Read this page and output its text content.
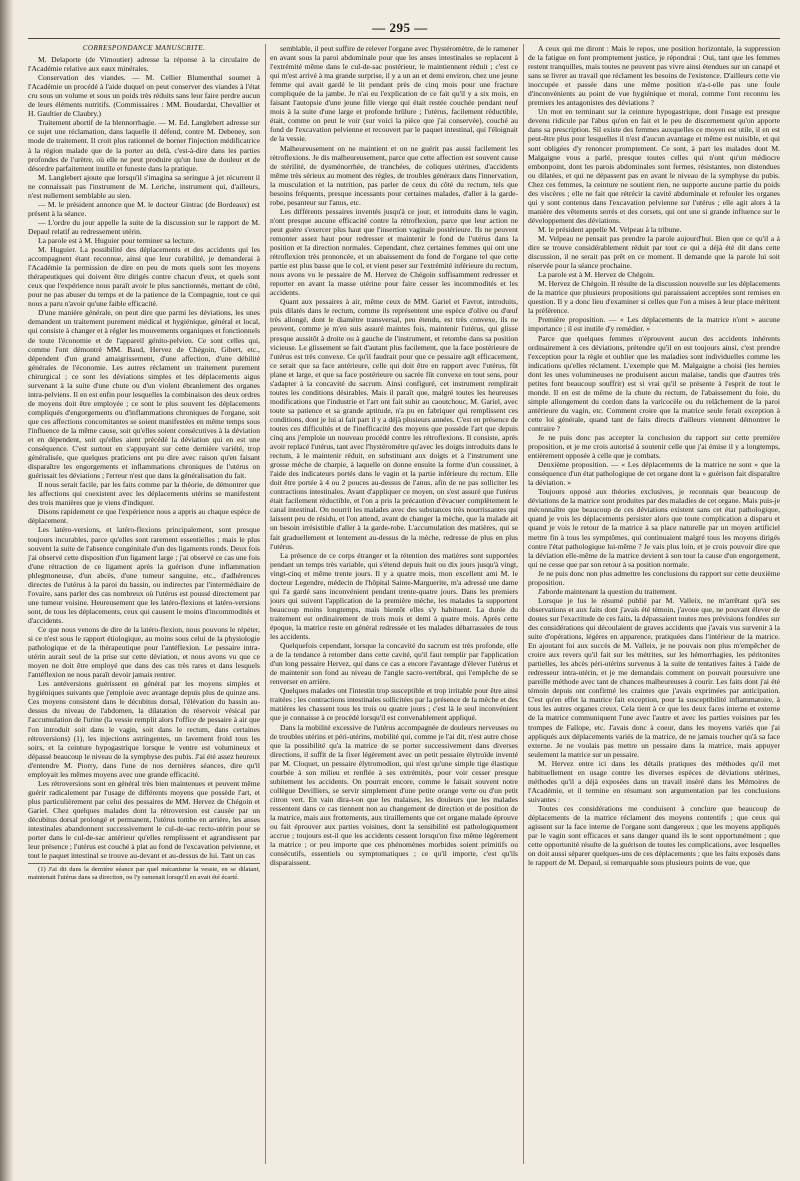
— 295 —

CORRESPONDANCE MANUSCRITE.

M. Delaporte (de Vimoutier) adresse la réponse à la circulaire de l'Académie relative aux eaux minérales.

Conservation des viandes. — M. Cellier Blumenthal soumet à l'Académie un procédé à l'aide duquel on peut conserver des viandes à l'état cru sous un volume et sous un poids très réduits sans leur faire perdre aucun de leurs éléments nutritifs. (Commissaires : MM. Boudardat, Chevallier et H. Gaultier de Claubry.)

Traitement abortif de la blennorrhagie. — M. Ed. Langlebert adresse sur ce sujet une réclamation, dans laquelle il défend, contre M. Debeney, son mode de traitement. Il croit plus rationnel de borner l'injection médificatrice à la région malade que de la porter au delà, c'est-à-dire dans les parties profondes de l'urètre, où elle ne peut produire qu'un luxe de douleur et de désordre parfaitement inutile et funeste dans la pratique.

M. Langlebert ajoute que lorsqu'il s'imagina sa seringue à jet récurrent il ne connaissait pas l'instrument de M. Leriche, instrument qui, d'ailleurs, n'est nullement semblable au sien.

— M. le président annonce que M. le docteur Gintrac (de Bordeaux) est présent à la séance.

— L'ordre du jour appelle la suite de la discussion sur le rapport de M. Depaul relatif au redressement utérin.

La parole est à M. Huguier pour terminer sa lecture.

M. Huguier. La possibilité des déplacements et des accidents qui les accompagnent étant reconnue, ainsi que leur curabilité, je demanderai à l'Académie la permission de dire en peu de mots quels sont les moyens thérapeutiques qui doivent être dirigés contre chacun d'eux, et quels sont ceux que l'expérience nous paraît avoir le plus sanctionnés, mettant de côté, pour ne pas abuser du temps et de la patience de la Compagnie, tout ce qui nous a paru n'avoir qu'une faible efficacité.

D'une manière générale, on peut dire que parmi les déviations, les unes demandent un traitement purement médical et hygiénique, général et local, qui consiste à changer et à régler les mouvements organiques et fonctionnels de toute l'économie et de l'appareil génito-pelvien. Ce sont celles qui, comme l'ont démontré MM. Baud, Hervez de Chégoin, Gibert, etc., dépendent d'un grand amaigrissement, d'une affection, d'une débilité générales de l'économie. Les autres réclament un traitement purement chirurgical ; ce sont les déviations simples et les déplacements aigus survenant à la suite d'une chute ou d'un violent ébranlement des organes intra-pelviens. Il en est enfin pour lesquelles la combinaison des deux ordres de moyens doit être employée ; ce sont le plus souvent les déplacements compliqués d'engorgements ou d'inflammations chroniques de l'organe, soit que ces affections concomitantes se soient manifestées en même temps sous l'influence de la même cause, soit qu'elles soient consécutives à la déviation et en dépendent, soit qu'elles aient précédé la déviation qui en est une conséquence. C'est surtout en s'appuyant sur cette dernière variété, trop généralisée, que quelques praticiens ont pu dire avec raison qu'en faisant disparaître les engorgements et inflammations chroniques de l'utérus on guérissait les déviations ; l'erreur n'est que dans la généralisation du fait.

Il nous serait facile, par les faits comme par la théorie, de démontrer que les affections qui coexistent avec les déplacements utérins se manifestent des trois manières que je viens d'indiquer.

Disons rapidement ce que l'expérience nous a appris au chaque espèce de déplacement.

Les latéro-versions, et latéro-flexions principalement, sont presque toujours incurables, parce qu'elles sont rarement essentielles ; mais le plus souvent la suite de l'absence congénitale d'un des ligaments ronds. Deux fois j'ai observé cette disposition d'un ligament large ; j'ai observé ce cas une fois d'une rétraction de ce ligament après la guérison d'une inflammation phlegmoneuse, d'un abcès, d'une tumeur sanguine, etc., d'adhérences directes de l'utérus à la paroi du bassin, ou indirectes par l'intermédiaire de l'ovaire, sans parler des cas nombreux où l'utérus est poussé directement par une tumeur voisine. Heureusement que les latéro-flexions et latéro-versions sont, de tous les déplacements, ceux qui causent le moins d'incommodités et d'accidents.

Ce que nous venons de dire de la latéro-flexion, nous pouvons le répéter, si ce n'est sous le rapport étiologique, au moins sous celui de la physiologie pathologique et de la thérapeutique pour l'antéflexion. Le pessaire intra-utérin aurait seul de la prise sur cette déviation, et nous avons vu que ce moyen ne doit être employé que dans des cas très rares et dans lesquels l'antéflexion ne nous paraît devoir jamais rentrer.

Les antéversions guérissent en général par les moyens simples et hygiéniques suivants que j'emploie avec avantage depuis plus de quinze ans. Ces moyens consistent dans le décubitus dorsal, l'élévation du bassin au-dessus du niveau de l'abdomen, la dilatation du réservoir vésical par l'accumulation de l'urine (la vessie remplit alors l'office de pessaire à air que l'on introduit soit dans le vagin, soit dans le rectum, dans certaines rétroversions) (1), les injections astringentes, un lavement froid tous les soirs, et la ceinture hypogastrique lorsque le ventre est volumineux et dépassé beaucoup le niveau de la symphyse des pubis. J'ai été assez heureux d'entendre M. Piorry, dans l'une de nos dernières séances, dire qu'il employait les mêmes moyens avec une grande efficacité.

Les rétroversions sont en général très bien maintenues et peuvent même guérir radicalement par l'usage de différents moyens que possède l'art, et plus particulièrement par celui des pessaires de MM. Hervez de Chégoin et Gariel. Chez quelques malades dont la rétroversion est causée par un décubitus dorsal prolongé et permanent, l'utérus tombe en arrière, les anses intestinales abandonnent successivement le cul-de-sac recto-utérin pour se porter dans le cul-de-sac antérieur qu'elles remplissent et agrandissent par leur présence ; l'utérus est couché à plat au fond de l'excavation pelvienne, et tout le paquet intestinal se trouve au-devant et au-dessus de lui. Tant un cas

(1) J'ai dit dans la dernière séance par quel mécanisme la vessie, en se dilatant, maintenait l'utérus dans sa direction, ou l'y ramenait lorsqu'il en avait été écarté.

semblable, il peut suffire de relever l'organe avec l'hystéromètre, de le ramener en avant sous la paroi abdominale pour que les anses intestinales se replacent à l'extrémité même dans le cul-de-sac postérieur, le maintiennent réduit ; c'est ce qui m'est arrivé à ma grande surprise, il y a un an et demi environ, chez une jeune femme qui avait gardé le lit pendant près de cinq mois pour une fracture compliquée de la jambe. Je n'ai eu l'explication de ce fait qu'il y a six mois, en faisant l'autopsie d'une jeune fille vierge qui était restée couchée pendant neuf mois à la suite d'une large et profonde brûlure ; l'utérus, facilement réductible, était, comme on peut le voir (sur voici la pièce que j'ai conservée), couché au fond de l'excavation pelvienne et recouvert par le paquet intestinal, qui l'éloignait de la vessie.

Malheureusement on ne maintient et on ne guérit pas aussi facilement les rétroflexions. Je dis malheureusement, parce que cette affection est souvent cause de stérilité, de dysménorrhée, de tranchées, de coliques utérines, d'accidents même très sérieux au moment des règles, de troubles généraux dans l'innervation, la musculation et la nutrition, pas parler de ceux du côté du rectum, tels que besoins fréquents, presque incessants pour certaines malades, d'aller à la garde-robe, pesanteur sur l'anus, etc.

Les différents pessaires inventés jusqu'à ce jour, et introduits dans le vagin, n'ont presque aucune efficacité contre la rétroflexion, parce que leur action ne peut guère s'exercer plus haut que l'insertion vaginale postérieure. Ils ne peuvent remonter assez haut pour redresser et maintenir le fond de l'utérus dans la position et la direction normales. Cependant, chez certaines femmes qui ont une rétroflexion très prononcée, et un abaissement du fond de l'organe tel que cette partie est plus basse que le col, et vient peser sur l'extrémité inférieure du rectum, nous avons vu le pessaire de M. Hervez de Chégoin suffisamment redresser et reporter en avant la masse utérine pour faire cesser les incommodités et les accidents.

Quant aux pessaires à air, même ceux de MM. Gariel et Favrot, introduits, puis dilatés dans le rectum, comme ils représentent une espèce d'olive ou d'œuf très allongé, dont le diamètre transversal, peu étendu, est très convexe, ils ne peuvent, comme je m'en suis assuré maintes fois, maintenir l'utérus, qui glisse presque aussitôt à droite ou à gauche de l'instrument, et retombe dans sa position vicieuse. Le glissement se fait d'autant plus facilement, que la face postérieure de l'utérus est très convexe. Ce qu'il faudrait pour que ce pessaire agît efficacement, ce serait que sa face antérieure, celle qui doit être en rapport avec l'utérus, fût plane et large, et que sa face postérieure ou sacrée fût convexe en tout sens, pour s'adapter à la concavité du sacrum. Ainsi configuré, cet instrument remplirait toutes les conditions désirables. Mais il paraît que, malgré toutes les heureuses modifications que l'industrie et l'art ont fait subir au caoutchouc, M. Gariel, avec toute sa patience et sa grande aptitude, n'a pu en fabriquer qui remplissent ces conditions, dont je lui ai fait part il y a déjà plusieurs années. C'est en présence de toutes ces difficultés et de l'inefficacité des moyens que possède l'art que depuis cinq ans j'emploie un nouveau procédé contre les rétroflexions. Il consiste, après avoir replacé l'utérus, tant avec l'hystéromètre qu'avec les doigts introduits dans le rectum, à le maintenir réduit, en substituant aux doigts et à l'instrument une grosse mèche de charpie, à laquelle on donne ensuite la forme d'un coussinet, à l'aide des indicateurs portés dans le vagin et la partie inférieure du rectum. Elle doit être portée à 4 ou 2 pouces au-dessus de l'anus, afin de ne pas solliciter les contractions intestinales. Avant d'appliquer ce moyen, on s'est assuré que l'utérus était facilement réductible, et l'on a pris la précaution d'évacuer complètement le canal intestinal. On nourrit les malades avec des substances très nourrissantes qui laissent peu de résidu, et l'on attend, avant de changer la mèche, que la malade ait un besoin irrésistible d'aller à la garde-robe. L'accumulation des matières, qui se fait graduellement et lentement au-dessus de la mèche, redresse de plus en plus l'utérus.

La présence de ce corps étranger et la rétention des matières sont supportées pendant un temps très variable, qui s'étend depuis huit ou dix jours jusqu'à vingt, vingt-cinq et même trente jours. Il y a quatre mois, mon excellent ami M. le docteur Legendre, médecin de l'hôpital Sainte-Marguerite, m'a adressé une dame qui l'a gardé sans inconvénient pendant trente-quatre jours. Dans les premiers jours qui suivent l'application de la première mèche, les malades la supportent beaucoup moins longtemps, mais bientôt elles s'y habituent. La durée du traitement est ordinairement de trois mois et demi à quatre mois. Après cette époque, la matrice reste en général redressée et les malades débarrassées de tous les accidents.

Quelquefois cependant, lorsque la concavité du sacrum est très profonde, elle a de la tendance à retomber dans cette cavité, qu'il faut remplir par l'application d'un long pessaire Hervez, qui dans ce cas a encore l'avantage d'élever l'utérus et de maintenir son fond au niveau de l'angle sacro-vertébral, qui l'empêche de se renverser en arrière.

Quelques malades ont l'intestin trop susceptible et trop irritable pour être ainsi traitées ; les contractions intestinales sollicitées par la présence de la mèche et des matières les chassent tous les trois ou quatre jours ; c'est là le seul inconvénient que je connaisse à ce procédé lorsqu'il est convenablement appliqué.

Dans la mobilité excessive de l'utérus accompagnée de douleurs nerveuses ou de troubles utérins et péri-utérins, mobilité qui, comme je l'ai dit, n'est autre chose que la possibilité qu'a la matrice de se porter successivement dans diverses directions, il suffit de la fixer légèrement avec un petit pessaire élytroïde inventé par M. Cloquet, un pessaire élytromodion, qui n'est qu'une simple tige élastique courbée à son milieu et renflée à ses extrémités, pour voir cesser presque subitement les accidents. On pourrait encore, comme le faisait souvent notre collègue Devilliers, se servir simplement d'une petite orange verte ou d'un petit citron vert. En vain dira-t-on que les malaises, les douleurs que les malades ressentent dans ce cas tiennent non au changement de direction et de position de la matrice, mais aux frottements, aux tiraillements que cet organe malade éprouve ou fait éprouver aux parties voisines, dont la sensibilité est pathologiquement accrue ; toujours est-il que les accidents cessent lorsqu'on fixe même légèrement la matrice ; or peu importe que ces phénomènes morbides soient primitifs ou consécutifs, essentiels ou symptomatiques ; ce qu'il importe, c'est qu'ils disparaissent.

A ceux qui me diront : Mais le repos, une position horizontale, la suppression de la fatigue en font promptement justice, je répondrai : Oui, tant que les femmes restent tranquilles, mais toutes ne peuvent pas vivre ainsi étendues sur un canapé et sans se livrer au travail que réclament les besoins de l'existence. D'ailleurs cette vie inoccupée et passée dans une même position n'a-t-elle pas une foule d'inconvénients au point de vue hygiénique et moral, comme l'ont reconnu les premiers les antagonistes des déviations ?

Un mot en terminant sur la ceinture hypogastrique, dont l'usage est presque devenu ridicule par l'abus qu'on en fait et le peu de discernement qu'on apporte dans sa prescription. Sil existe des femmes auxquelles ce moyen est utile, il en est peut-être plus pour lesquelles il n'est d'aucun avantage et même est nuisible, et qui sont obligées d'y renoncer promptement. Ce sont, à part les malades dont M. Malgaigne vous a parlé, presque toutes celles qui n'ont qu'un médiocre embonpoint, dont les parois abdominales sont fermes, résistantes, non distendues ou dilatées, et qui ne dépassent pas en avant le niveau de la symphyse du pubis. Chez ces femmes, la ceinture ne soutient rien, ne supporte aucune partie du poids des viscères ; elle ne fait que rétrécir la cavité abdominale et refouler les organes qui y sont contenus dans l'excavation pelvienne sur l'utérus ; elle agit alors à la manière des vêtements serrés et des corsets, qui ont une si grande influence sur le développement des déviations.

M. le président appelle M. Velpeau à la tribune.

M. Velpeau ne pensait pas prendre la parole aujourd'hui. Bien que ce qu'il a à dire se trouve considérablement réduit par tout ce qui a déjà été dit dans cette discussion, il ne serait pas prêt en ce moment. Il demande que la parole lui soit réservée pour la séance prochaine.

La parole est à M. Hervez de Chégoin.

M. Hervez de Chégoin. Il résulte de la discussion nouvelle sur les déplacements de la matrice que plusieurs propositions qui paraissaient acceptées sont remises en question. Il y a donc lieu d'examiner si celles que l'on a mises à leur place méritent la préférence.

Première proposition. — « Les déplacements de la matrice n'ont » aucune importance ; il est inutile d'y remédier. »

Parce que quelques femmes n'éprouvent aucun des accidents inhérents ordinairement à ces déviations, prétendre qu'il en est toujours ainsi, c'est prendre l'exception pour la règle et oublier que les maladies sont individuelles comme les indications qu'elles réclament. L'exemple que M. Malgaigne a choisi (les hernies dont les unes volumineuses ne produisent aucun malaise, tandis que d'autres très petites font beaucoup souffrir) est si vrai qu'il se présente à l'esprit de tout le monde. Il en est de même de la chute du rectum, de l'abaissement du foie, du simple allongement du cordon dans la varicocèle ou du relâchement de la paroi antérieure du vagin, etc. Comment croire que la matrice seule ferait exception à cette loi générale, quand tant de faits directs d'ailleurs viennent démontrer le contraire ?

Je ne puis donc pas accepter la conclusion du rapport sur cette première proposition, et je me crois autorisé à soutenir celle que j'ai émise il y a longtemps, entièrement opposée à celle que je combats.

Deuxième proposition. — « Les déplacements de la matrice ne sont » que la conséquence d'un état pathologique de cet organe dont la » guérison fait disparaître la déviation. »

Toujours opposé aux théories exclusives, je reconnais que beaucoup de déviations de la matrice sont produites par des maladies de cet organe. Mais puis-je méconnaître que beaucoup de ces déviations existent sans cet état pathologique, quand je vois les déplacements persister alors que toute complication a disparu et quand je vois le retour de la matrice à sa place naturelle par un moyen artificiel mettre fin à tous les symptômes, qui continuaient malgré tous les moyens dirigés contre l'état pathologique lui-même ? Je vais plus loin, et je crois pouvoir dire que la déviation elle-même de la matrice devient à son tour la cause d'un engorgement, qui ne cesse que par son retour à sa position normale.

Je ne puis donc non plus admettre les conclusions du rapport sur cette deuxième proposition.

J'aborde maintenant la question du traitement.

Lorsque je lus le résumé publié par M. Valleix, ne m'arrêtant qu'à ses observations et aux faits dont j'avais été témoin, j'avoue que, ne pouvant élever de doutes sur l'exactitude de ces faits, la dépassaient toutes mes prévisions fondées sur des considérations qui découlaient de graves accidents que j'avais vus survenir à la suite d'opérations, légères en apparence, pratiquées dans l'intérieur de la matrice. En ajoutant foi aux succès de M. Valleix, je ne pouvais non plus m'empêcher de croire aux revers qu'il fait sur les métrites, sur les hémorrhagies, les péritonites partielles, les abcès péri-utérins survenus à la suite de tentatives faites à l'aide de redresseur intra-utérin, et je me demandais comment on pouvait poursuivre une pareille méthode avec tant de chances malheureuses à courir. Les faits dont j'ai été témoin depuis ont confirmé les craintes que j'avais exprimées par anticipation. C'est qu'en effet la matrice fait exception, pour la susceptibilité inflammatoire, à tous les autres organes creux. Cela tient à ce que les deux faces interne et externe de la matrice communiquent l'une avec l'autre et avec les parties voisines par les trompes de Fallope, etc. J'avais donc à coeur, dans les moyens variés que j'ai appliqués aux déplacements variés de la matrice, de ne jamais toucher qu'à sa face externe. Je ne voulais pas mettre un pessaire dans la matrice, mais appuyer seulement la matrice sur un pessaire.

M. Hervez entre ici dans les détails pratiques des méthodes qu'il met habituellement en usage contre les diverses espèces de déviations utérines, méthodes qu'il a déjà exposées dans un travail inséré dans les Mémoires de l'Académie, et il termine en résumant son argumentation par les conclusions suivantes :

Toutes ces considérations me conduisent à conclure que beaucoup de déplacements de la matrice réclament des moyens contentifs ; que ceux qui agissent sur la face interne de l'organe sont dangereux ; que les moyens appliqués par le vagin sont efficaces et sans danger quand ils le sont opportunément ; que cette opportunité résulte de la guérison de toutes les complications, avec lesquelles on doit aussi séparer quelques-uns de ces déplacements ; que les faits exposés dans le rapport de M. Depaul, si remarquable sous plusieurs points de vue, que
